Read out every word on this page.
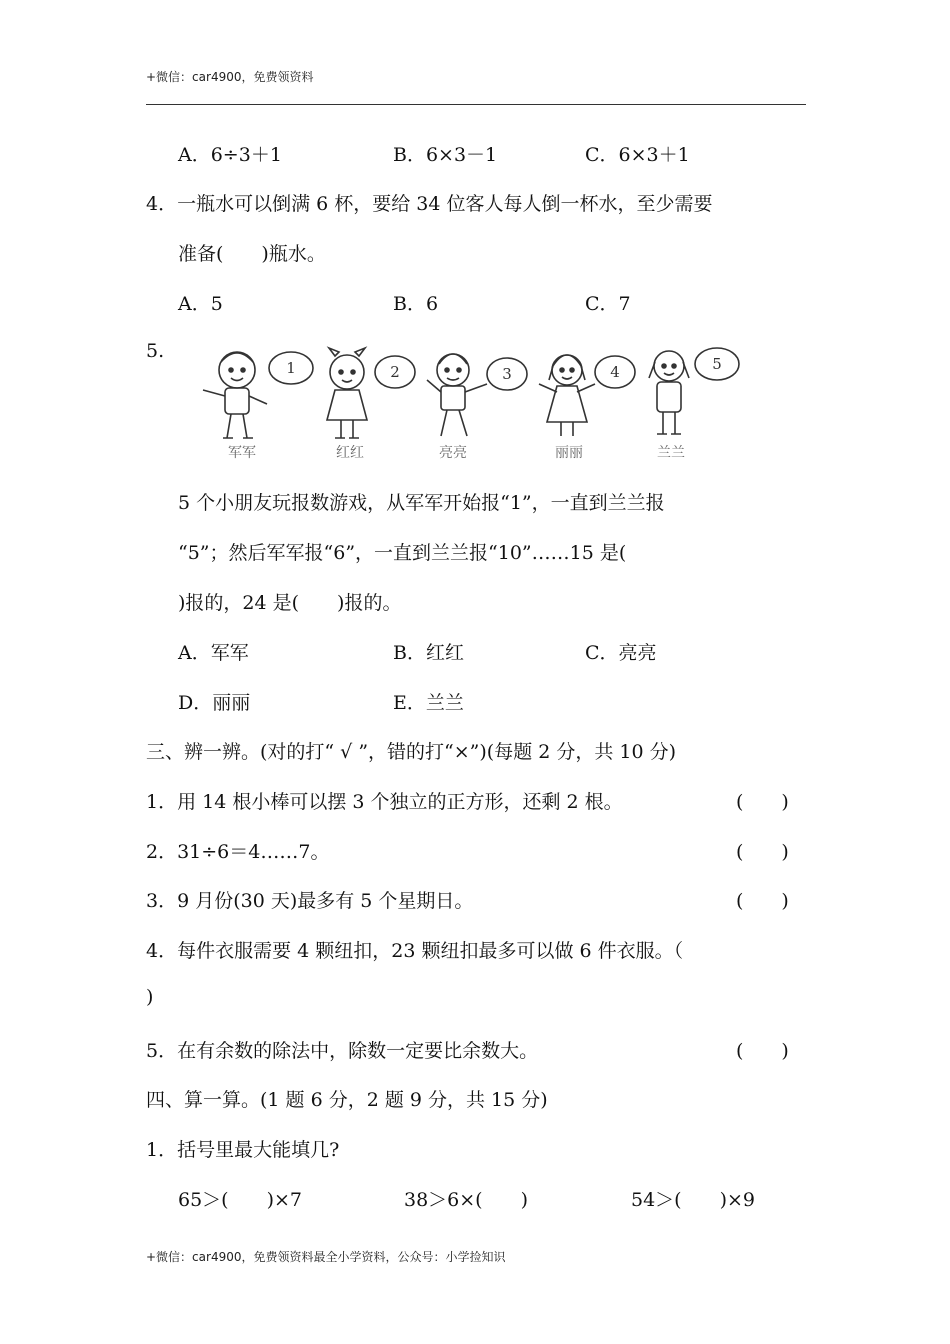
+微信：car4900，免费领资料
A．6÷3＋1	B．6×3－1	C．6×3＋1
4．一瓶水可以倒满 6 杯，要给 34 位客人每人倒一杯水，至少需要
准备(　　)瓶水。
A．5	B．6	C．7
5.
1	2	3	4	5
军军	红红	亮亮	丽丽	兰兰
5 个小朋友玩报数游戏，从军军开始报“1”，一直到兰兰报
“5”；然后军军报“6”，一直到兰兰报“10”……15 是(
)报的，24 是(　　)报的。
A．军军	B．红红	C．亮亮
D．丽丽	E．兰兰
三、辨一辨。(对的打“ √ ”，错的打“×”)(每题 2 分，共 10 分)
1．用 14 根小棒可以摆 3 个独立的正方形，还剩 2 根。	(　　)
2．31÷6＝4……7。	(　　)
3．9 月份(30 天)最多有 5 个星期日。	(　　)
4．每件衣服需要 4 颗纽扣，23 颗纽扣最多可以做 6 件衣服。（
)
5．在有余数的除法中，除数一定要比余数大。	(　　)
四、算一算。(1 题 6 分，2 题 9 分，共 15 分)
1．括号里最大能填几?
65＞(　　)×7	38＞6×(　　)	54＞(　　)×9
+微信：car4900，免费领资料最全小学资料，公众号：小学捡知识
